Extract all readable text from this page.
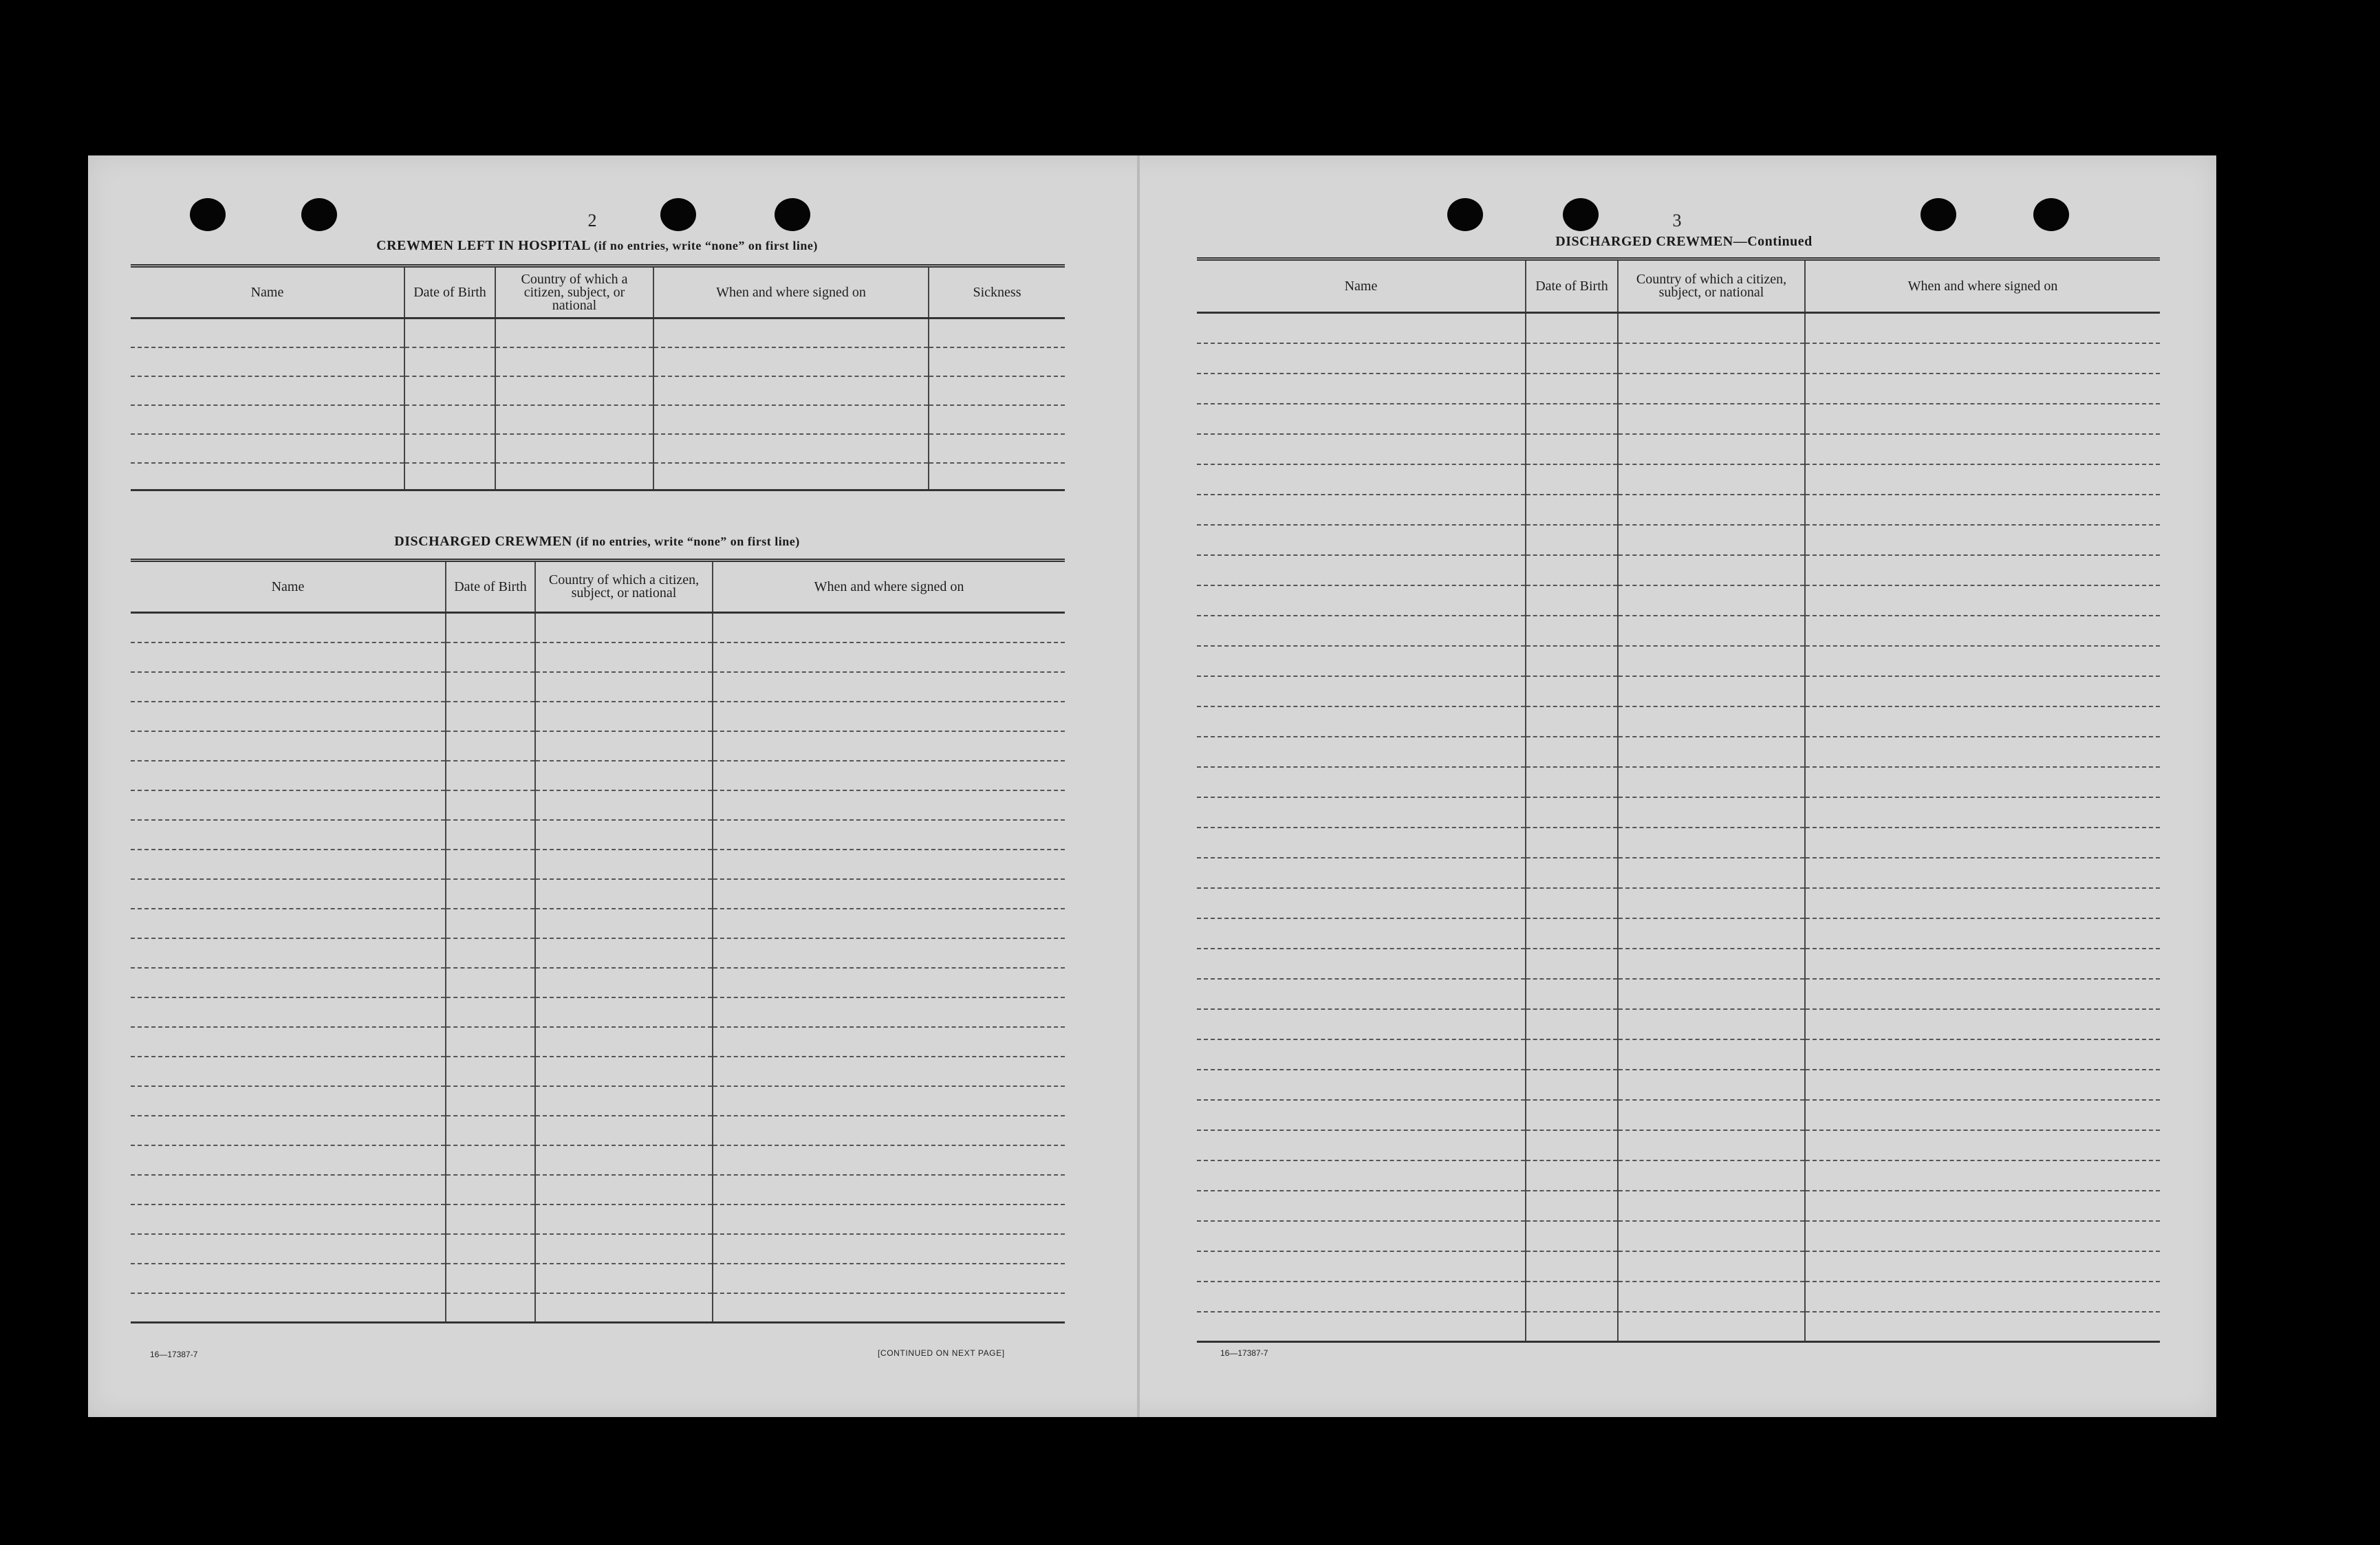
2
CREWMEN LEFT IN HOSPITAL (if no entries, write “none” on first line)
Name	Date of Birth	Country of which a citizen, subject, or national	When and where signed on	Sickness

DISCHARGED CREWMEN (if no entries, write “none” on first line)
Name	Date of Birth	Country of which a citizen, subject, or national	When and where signed on

16—17387-7	[CONTINUED ON NEXT PAGE]
3
DISCHARGED CREWMEN—Continued
Name	Date of Birth	Country of which a citizen, subject, or national	When and where signed on

16—17387-7
